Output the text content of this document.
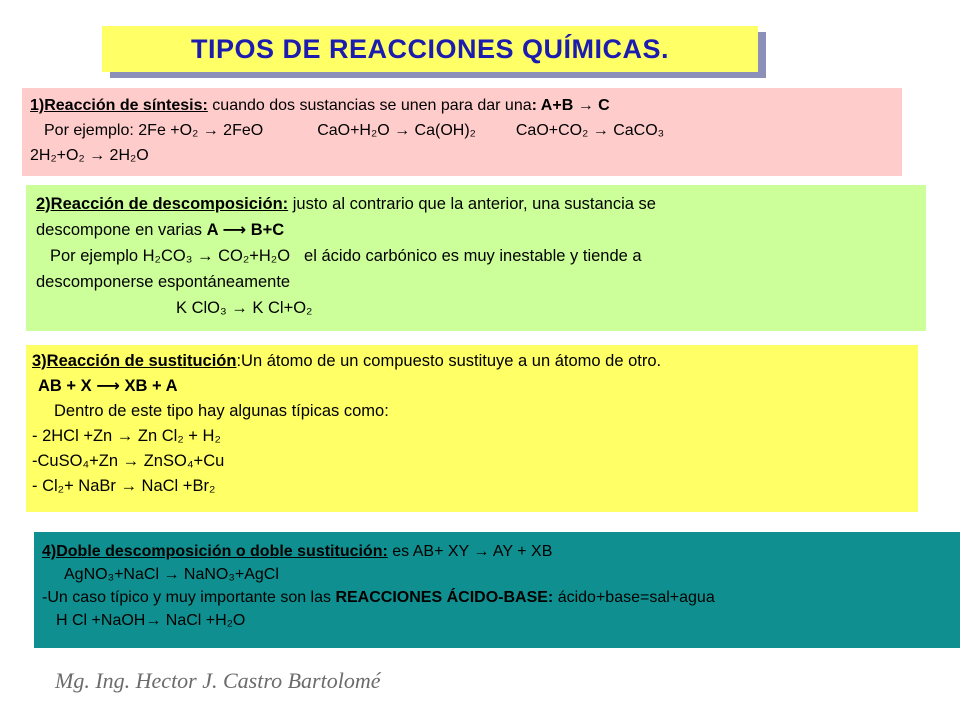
TIPOS DE REACCIONES QUÍMICAS.
1)Reacción de síntesis: cuando dos sustancias se unen para dar una: A+B → C
Por ejemplo: 2Fe +O₂ → 2FeO	CaO+H₂O → Ca(OH)₂	CaO+CO₂ → CaCO₃
2H₂+O₂ → 2H₂O
2)Reacción de descomposición: justo al contrario que la anterior, una sustancia se
descompone en varias A ⟶ B+C
Por ejemplo H₂CO₃ → CO₂+H₂O el ácido carbónico es muy inestable y tiende a
descomponerse espontáneamente
K ClO₃ → K Cl+O₂
3)Reacción de sustitución:Un átomo de un compuesto sustituye a un átomo de otro.
AB + X ⟶ XB + A
Dentro de este tipo hay algunas típicas como:
- 2HCl +Zn → Zn Cl₂ + H₂
-CuSO₄+Zn → ZnSO₄+Cu
- Cl₂+ NaBr → NaCl +Br₂
4)Doble descomposición o doble sustitución: es AB+ XY → AY + XB
AgNO₃+NaCl → NaNO₃+AgCl
-Un caso típico y muy importante son las REACCIONES ÁCIDO-BASE: ácido+base=sal+agua
H Cl +NaOH→ NaCl +H₂O
Mg. Ing. Hector J. Castro Bartolomé
